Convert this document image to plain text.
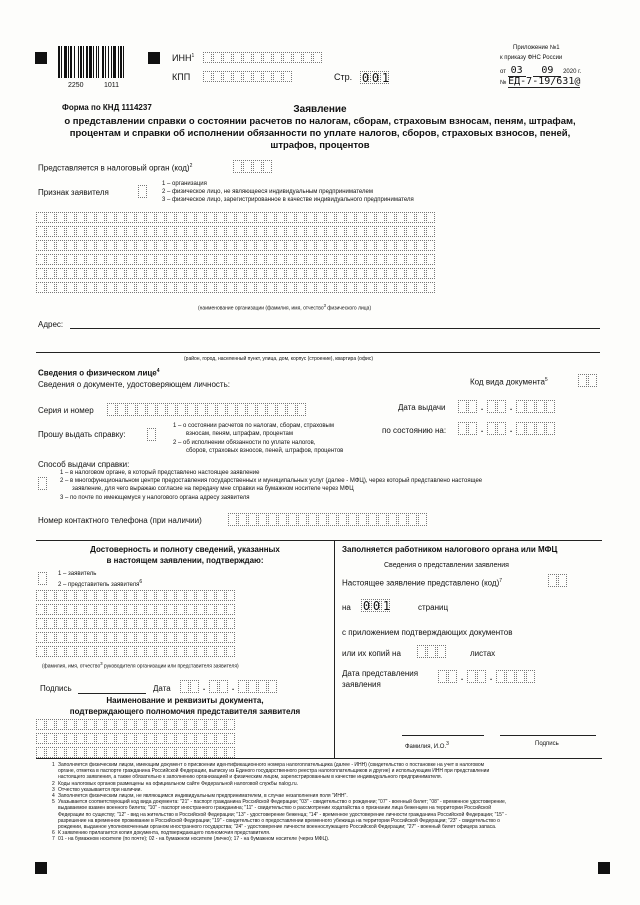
2250	1011
ИНН$^1$
КПП	Стр. 0 0 1
Приложение №1
к приказу ФНС России
от 03 09 2020 г.
№ ЕД-7-19/631@
Форма по КНД 1114237	Заявление
о представлении справки о состоянии расчетов по налогам, сборам, страховым взносам, пеням, штрафам,
процентам и справки об исполнении обязанности по уплате налогов, сборов, страховых взносов, пеней,
штрафов, процентов
Представляется в налоговый орган (код)$^2$
Признак заявителя
1 – организация
2 – физическое лицо, не являющееся индивидуальным предпринимателем
3 – физическое лицо, зарегистрированное в качестве индивидуального предпринимателя
(наименование организации (фамилия, имя, отчество$^3$ физического лица)
Адрес:
(район, город, населенный пункт, улица, дом, корпус (строение), квартира (офис)
Сведения о физическом лице$^4$
Сведения о документе, удостоверяющем личность:	Код вида документа$^5$
Серия и номер	Дата выдачи	. .
Прошу выдать справку:
1 – о состоянии расчетов по налогам, сборам, страховым
взносам, пеням, штрафам, процентам
2 – об исполнении обязанности по уплате налогов,
сборов, страховых взносов, пеней, штрафов, процентов
по состоянию на:	. .
Способ выдачи справки:
1 – в налоговом органе, в который представлено настоящее заявление
2 – в многофункциональном центре предоставления государственных и муниципальных услуг (далее - МФЦ), через который представлено настоящее
заявление, для чего выражаю согласие на передачу мне справки на бумажном носителе через МФЦ
3 – по почте по имеющемуся у налогового органа адресу заявителя
Номер контактного телефона (при наличии)
Достоверность и полноту сведений, указанных
в настоящем заявлении, подтверждаю:
1 – заявитель
2 – представитель заявителя$^6$
(фамилия, имя, отчество$^3$ руководителя организации или представителя заявителя)
Подпись	Дата	. .
Наименование и реквизиты документа,
подтверждающего полномочия представителя заявителя
Заполняется работником налогового органа или МФЦ
Сведения о представлении заявления
Настоящее заявление представлено (код)$^7$
на 0 0 1	страниц
с приложением подтверждающих документов
или их копий на	листах
Дата представления
заявления
. .
Фамилия, И.О.$^3$	Подпись
Заполняется физическим лицом, имеющим документ о присвоении идентификационного номера налогоплательщика (далее - ИНН) (свидетельство о постановке на учет в налоговом
органе, отметка в паспорте гражданина Российской Федерации, выписку из Единого государственного реестра налогоплательщиков и другие) и использующим ИНН при представлении
настоящего заявления, а также обязательно к заполнению организацией и физическим лицом, зарегистрированным в качестве индивидуального предпринимателя.
1
Коды налоговых органов размещены на официальном сайте Федеральной налоговой службы nalog.ru.
2
Отчество указывается при наличии.
3
Заполняется физическим лицом, не являющимся индивидуальным предпринимателем, в случае незаполнения поля "ИНН".
4
Указывается соответствующий код вида документа: "21" - паспорт гражданина Российской Федерации; "03" - свидетельство о рождении; "07" - военный билет; "08" - временное удостоверение,
выдаваемое взамен военного билета; "10" - паспорт иностранного гражданина; "11" - свидетельство о рассмотрении ходатайства о признании лица беженцем на территории Российской
Федерации по существу; "12" - вид на жительство в Российской Федерации; "13" - удостоверение беженца; "14" - временное удостоверение личности гражданина Российской Федерации; "15" -
разрешение на временное проживание в Российской Федерации; "19" - свидетельство о предоставлении временного убежища на территории Российской Федерации; "23" - свидетельство о
рождении, выданное уполномоченным органом иностранного государства; "24" - удостоверение личности военнослужащего Российской Федерации; "27" - военный билет офицера запаса.
5
К заявлению прилагается копия документа, подтверждающего полномочия представителя.
6
01 - на бумажном носителе (по почте); 02 - на бумажном носителе (лично); 17 - на бумажном носителе (через МФЦ).
7
